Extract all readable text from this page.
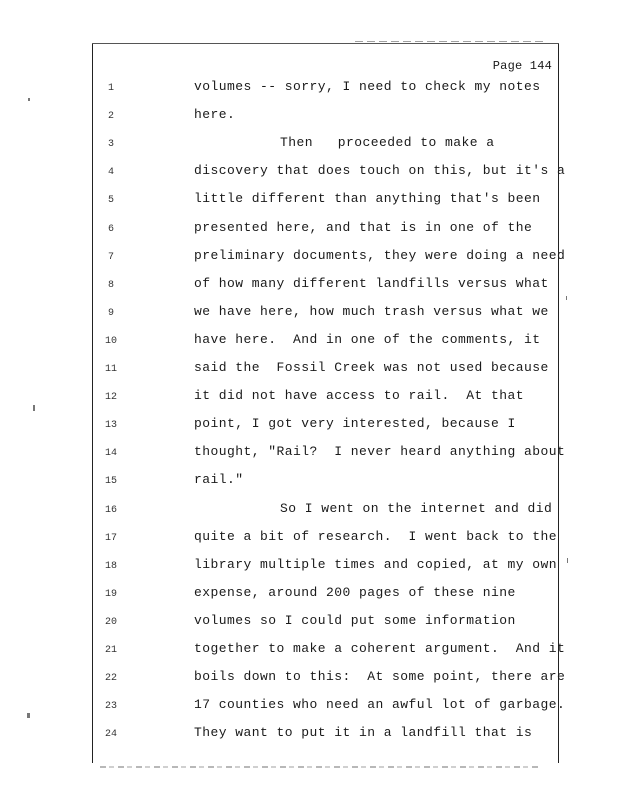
Page 144
1	volumes -- sorry, I need to check my notes
2	here.
3	Then   proceeded to make a
4	discovery that does touch on this, but it's a
5	little different than anything that's been
6	presented here, and that is in one of the
7	preliminary documents, they were doing a need
8	of how many different landfills versus what
9	we have here, how much trash versus what we
10	have here.  And in one of the comments, it
11	said the  Fossil Creek was not used because
12	it did not have access to rail.  At that
13	point, I got very interested, because I
14	thought, "Rail?  I never heard anything about
15	rail."
16	So I went on the internet and did
17	quite a bit of research.  I went back to the
18	library multiple times and copied, at my own
19	expense, around 200 pages of these nine
20	volumes so I could put some information
21	together to make a coherent argument.  And it
22	boils down to this:  At some point, there are
23	17 counties who need an awful lot of garbage.
24	They want to put it in a landfill that is
